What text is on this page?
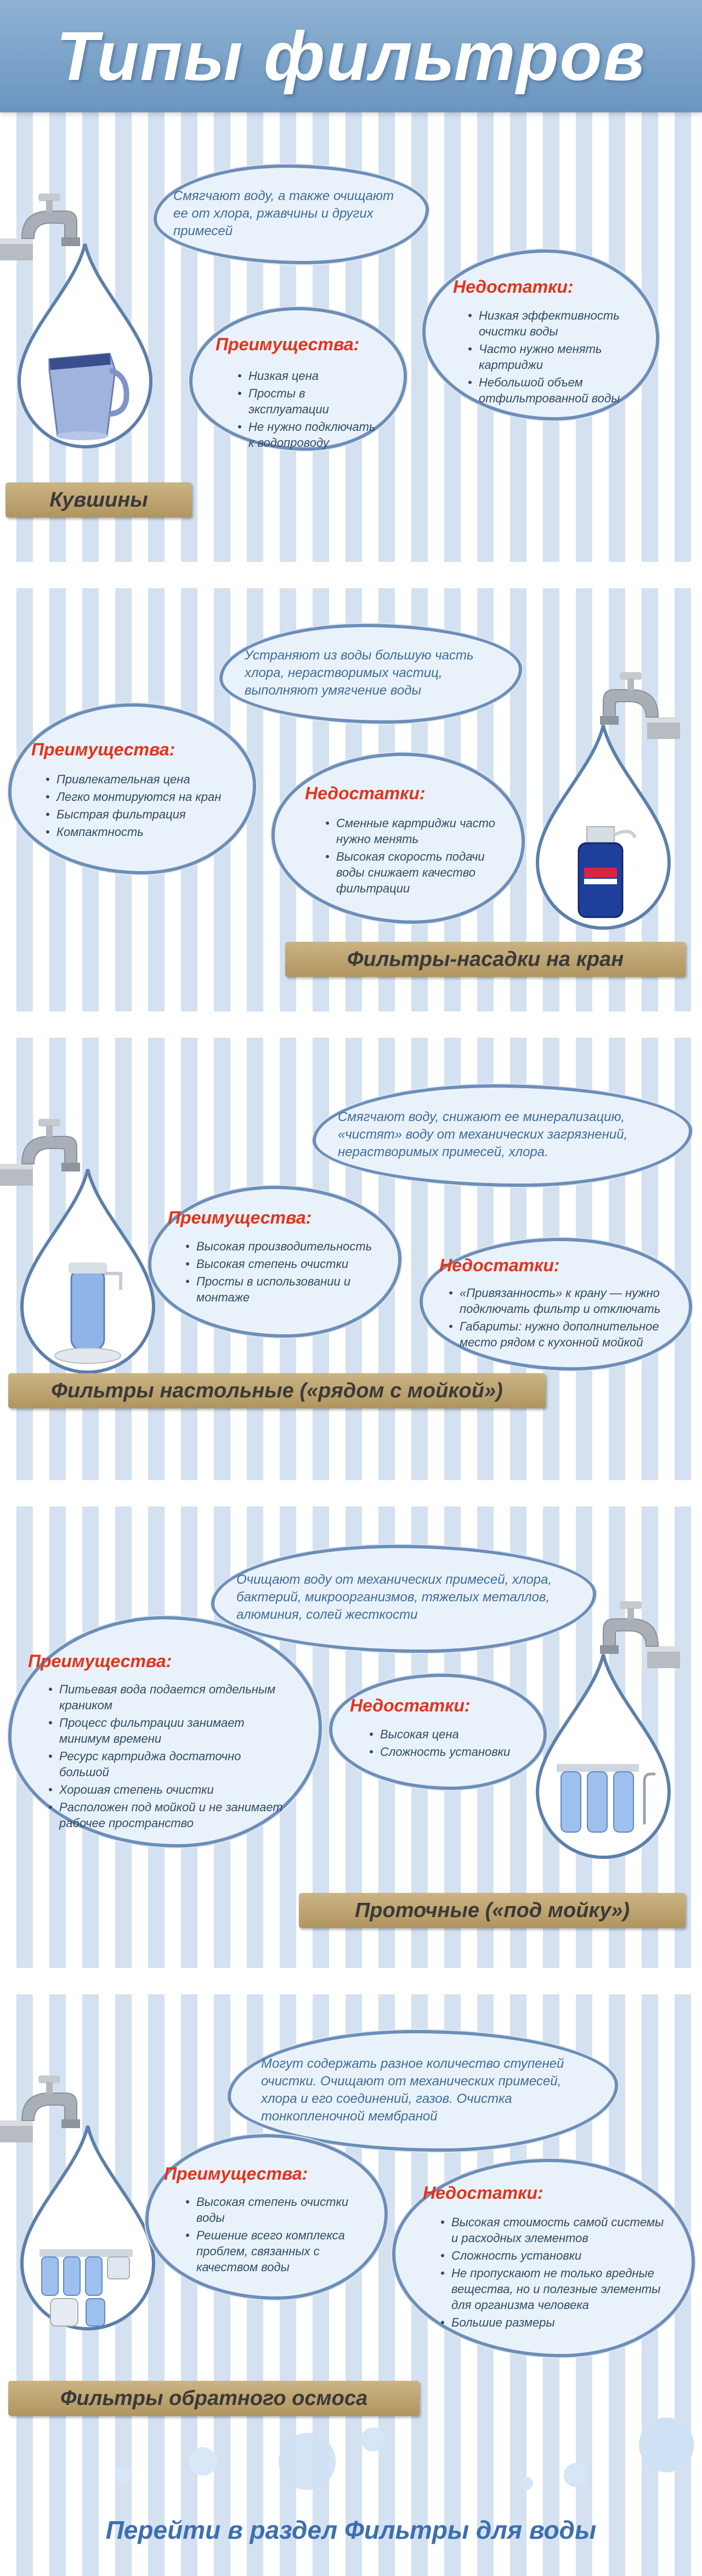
Типы фильтров
Смягчают воду, а также очищают ее от хлора, ржавчины и других примесей
Преимущества:
• Низкая цена
• Просты в эксплуатации
• Не нужно подключать к водопроводу
Недостатки:
• Низкая эффективность очистки воды
• Часто нужно менять картриджи
• Небольшой объем отфильтрованной воды
Кувшины
Устраняют из воды большую часть хлора, нерастворимых частиц, выполняют умягчение воды
Преимущества:
• Привлекательная цена
• Легко монтируются на кран
• Быстрая фильтрация
• Компактность
Недостатки:
• Сменные картриджи часто нужно менять
• Высокая скорость подачи воды снижает качество фильтрации
Фильтры-насадки на кран
Смягчают воду, снижают ее минерализацию, «чистят» воду от механических загрязнений, нерастворимых примесей, хлора.
Преимущества:
• Высокая производительность
• Высокая степень очистки
• Просты в использовании и монтаже
Недостатки:
• «Привязанность» к крану — нужно подключать фильтр и отключать
• Габариты: нужно дополнительное место рядом с кухонной мойкой
Фильтры настольные («рядом с мойкой»)
Очищают воду от механических примесей, хлора, бактерий, микроорганизмов, тяжелых металлов, алюминия, солей жесткости
Преимущества:
• Питьевая вода подается отдельным краником
• Процесс фильтрации занимает минимум времени
• Ресурс картриджа достаточно большой
• Хорошая степень очистки
• Расположен под мойкой и не занимает рабочее пространство
Недостатки:
• Высокая цена
• Сложность установки
Проточные («под мойку»)
Могут содержать разное количество ступеней очистки. Очищают от механических примесей, хлора и его соединений, газов. Очистка тонкопленочной мембраной
Преимущества:
• Высокая степень очистки воды
• Решение всего комплекса проблем, связанных с качеством воды
Недостатки:
• Высокая стоимость самой системы и расходных элементов
• Сложность установки
• Не пропускают не только вредные вещества, но и полезные элементы для организма человека
• Большие размеры
Фильтры обратного осмоса
Перейти в раздел Фильтры для воды
